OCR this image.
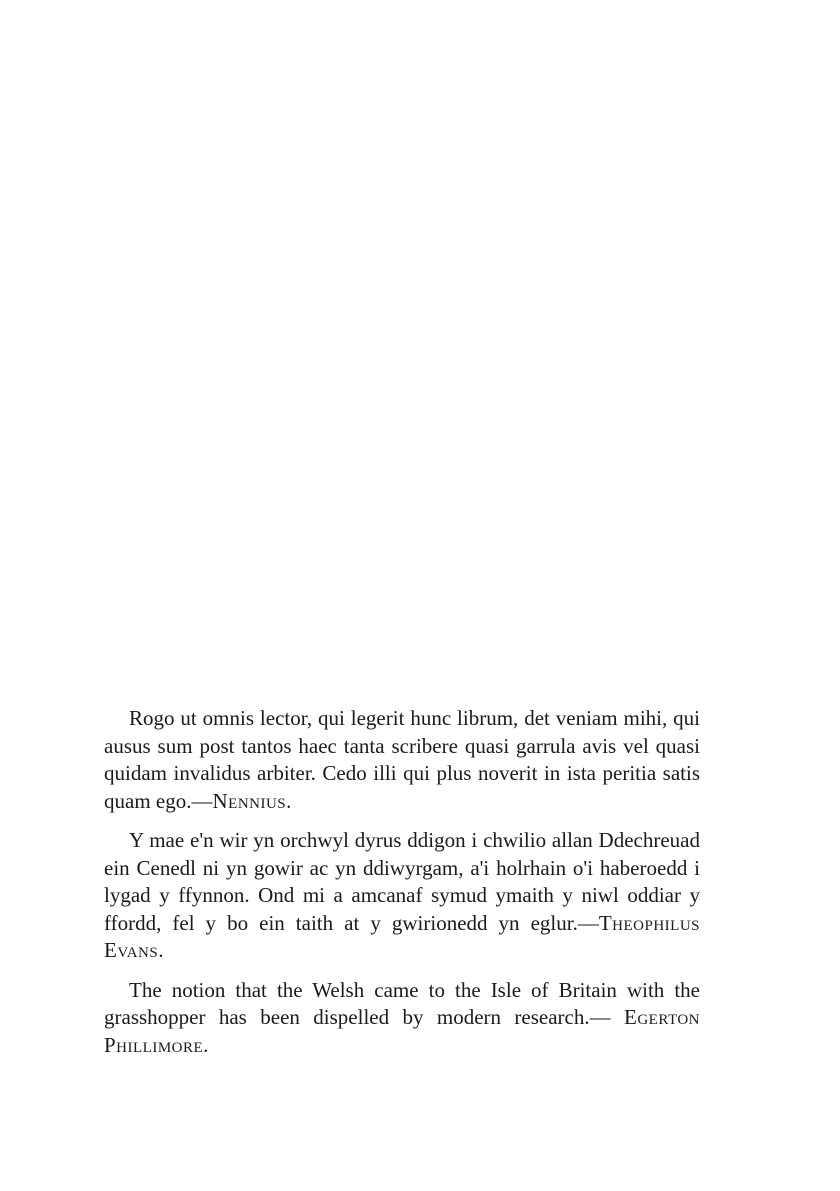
Rogo ut omnis lector, qui legerit hunc librum, det veniam mihi, qui ausus sum post tantos haec tanta scribere quasi garrula avis vel quasi quidam invalidus arbiter. Cedo illi qui plus noverit in ista peritia satis quam ego.—Nennius.

Y mae e'n wir yn orchwyl dyrus ddigon i chwilio allan Ddechreuad ein Cenedl ni yn gowir ac yn ddiwyrgam, a'i holrhain o'i haberoedd i lygad y ffynnon. Ond mi a amcanaf symud ymaith y niwl oddiar y ffordd, fel y bo ein taith at y gwirionedd yn eglur.—Theophilus Evans.

The notion that the Welsh came to the Isle of Britain with the grasshopper has been dispelled by modern research.— Egerton Phillimore.
